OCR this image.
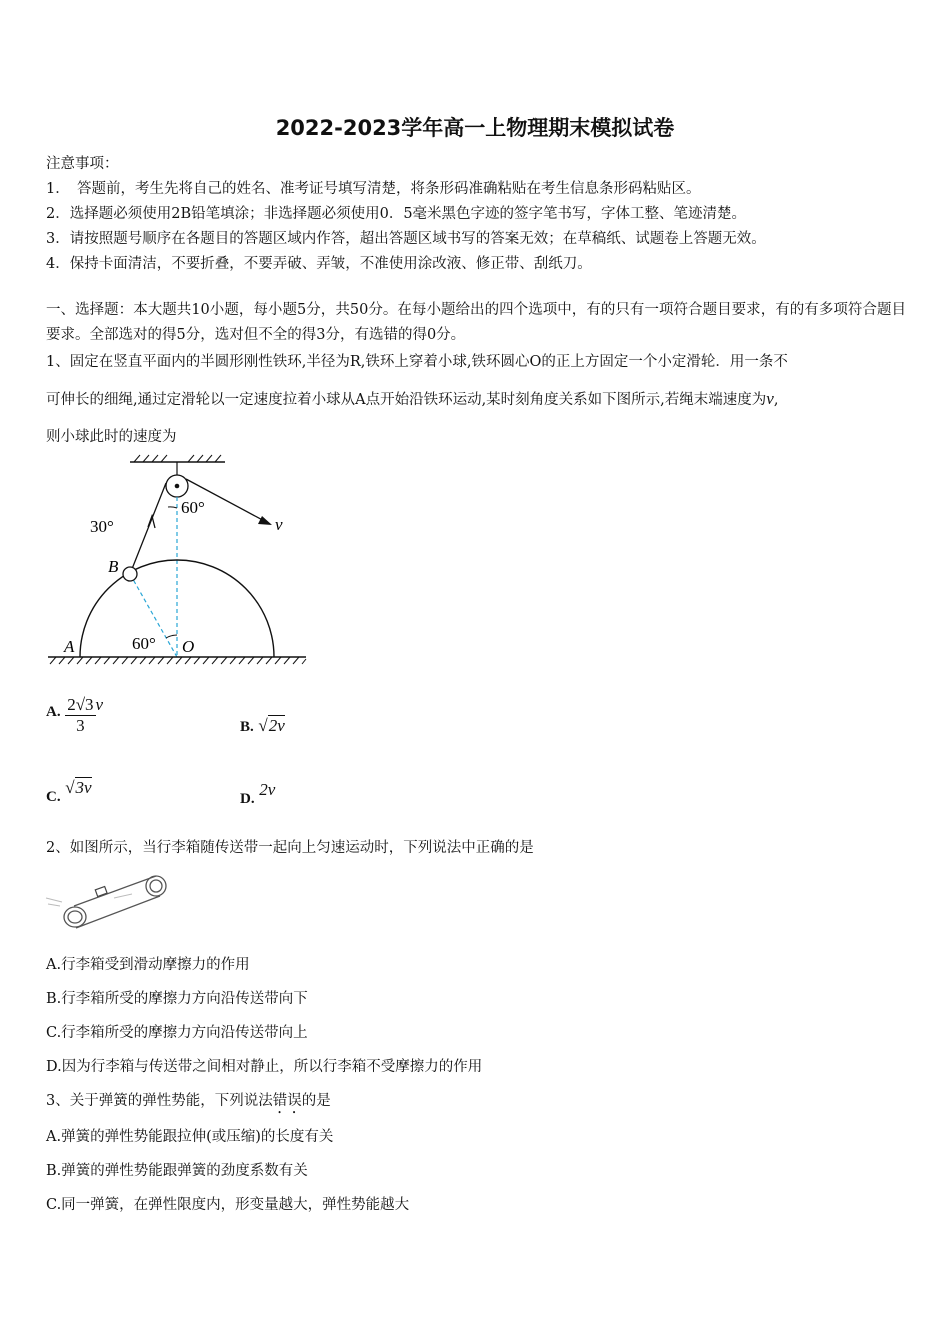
2022-2023学年高一上物理期末模拟试卷
注意事项：
1．　答题前，考生先将自己的姓名、准考证号填写清楚，将条形码准确粘贴在考生信息条形码粘贴区。
2．选择题必须使用2B铅笔填涂；非选择题必须使用0．5毫米黑色字迹的签字笔书写，字体工整、笔迹清楚。
3．请按照题号顺序在各题目的答题区域内作答，超出答题区域书写的答案无效；在草稿纸、试题卷上答题无效。
4．保持卡面清洁，不要折叠，不要弄破、弄皱，不准使用涂改液、修正带、刮纸刀。
一、选择题：本大题共10小题，每小题5分，共50分。在每小题给出的四个选项中，有的只有一项符合题目要求，有的有多项符合题目要求。全部选对的得5分，选对但不全的得3分，有选错的得0分。
1、固定在竖直平面内的半圆形刚性铁环,半径为R,铁环上穿着小球,铁环圆心O的正上方固定一个小定滑轮．用一条不
可伸长的细绳,通过定滑轮以一定速度拉着小球从A点开始沿铁环运动,某时刻角度关系如下图所示,若绳末端速度为v,
则小球此时的速度为
30°
60°
60°
B
A	O
v
A. $\frac{2√3}{3}$ v
B. √2v
C. √3v
D. 2v
2、如图所示，当行李箱随传送带一起向上匀速运动时，下列说法中正确的是
A.行李箱受到滑动摩擦力的作用
B.行李箱所受的摩擦力方向沿传送带向下
C.行李箱所受的摩擦力方向沿传送带向上
D.因为行李箱与传送带之间相对静止，所以行李箱不受摩擦力的作用
3、关于弹簧的弹性势能，下列说法错误的是
A.弹簧的弹性势能跟拉伸(或压缩)的长度有关
B.弹簧的弹性势能跟弹簧的劲度系数有关
C.同一弹簧，在弹性限度内，形变量越大，弹性势能越大
